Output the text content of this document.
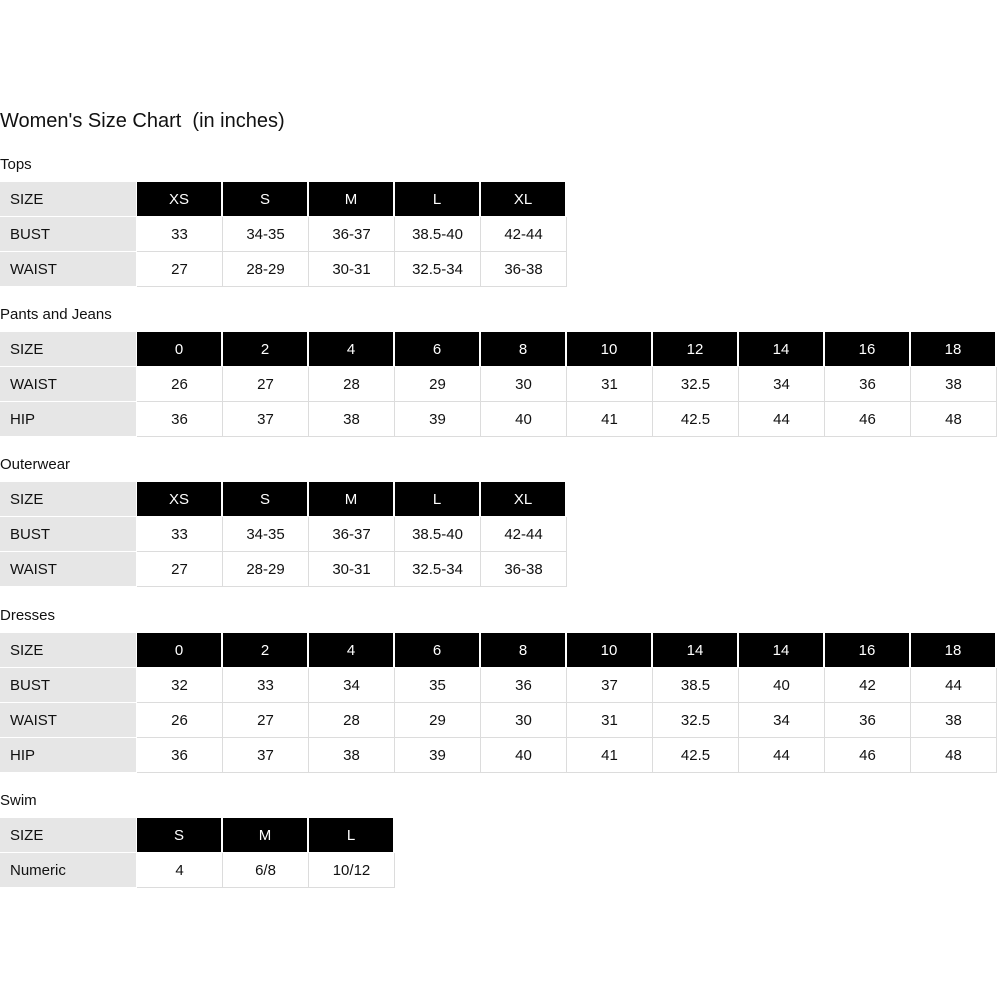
Women's Size Chart  (in inches)
Tops
SIZE	XS	S	M	L	XL
BUST	33	34-35	36-37	38.5-40	42-44
WAIST	27	28-29	30-31	32.5-34	36-38
Pants and Jeans
SIZE	0	2	4	6	8	10	12	14	16	18
WAIST	26	27	28	29	30	31	32.5	34	36	38
HIP	36	37	38	39	40	41	42.5	44	46	48
Outerwear
SIZE	XS	S	M	L	XL
BUST	33	34-35	36-37	38.5-40	42-44
WAIST	27	28-29	30-31	32.5-34	36-38
Dresses
SIZE	0	2	4	6	8	10	14	14	16	18
BUST	32	33	34	35	36	37	38.5	40	42	44
WAIST	26	27	28	29	30	31	32.5	34	36	38
HIP	36	37	38	39	40	41	42.5	44	46	48
Swim
SIZE	S	M	L
Numeric	4	6/8	10/12
